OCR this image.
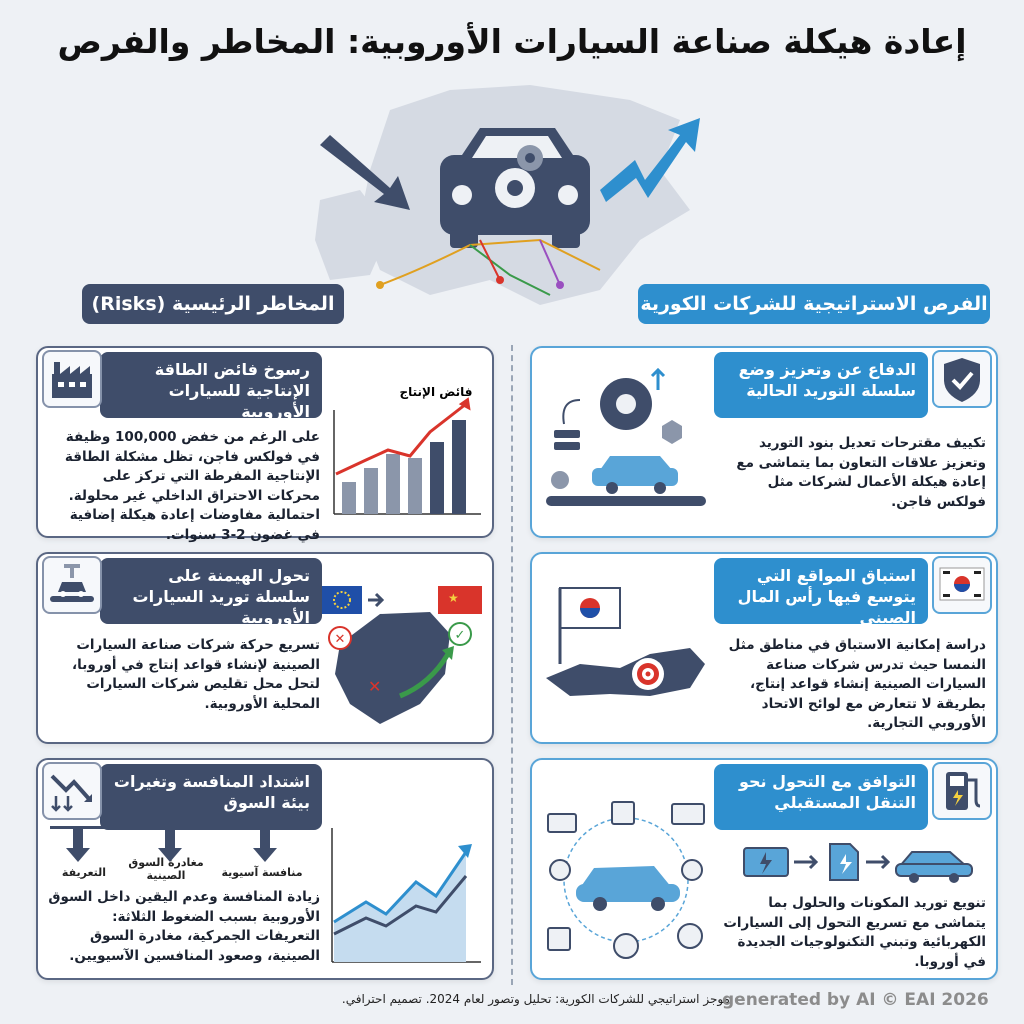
إعادة هيكلة صناعة السيارات الأوروبية: المخاطر والفرص
المخاطر الرئيسية (Risks)	الفرص الاستراتيجية للشركات الكورية
رسوخ فائض الطاقة الإنتاجية للسيارات الأوروبية
فائض الإنتاج
على الرغم من خفض 100,000 وظيفة في فولكس فاجن، تظل مشكلة الطاقة الإنتاجية المفرطة التي تركز على محركات الاحتراق الداخلي غير محلولة. احتمالية مفاوضات إعادة هيكلة إضافية في غضون 2-3 سنوات.
تحول الهيمنة على سلسلة توريد السيارات الأوروبية
★
✕	✓
✕
تسريع حركة شركات صناعة السيارات الصينية لإنشاء قواعد إنتاج في أوروبا، لتحل محل تقليص شركات السيارات المحلية الأوروبية.
اشتداد المنافسة وتغيرات بيئة السوق
التعريفة
مغادرة السوق الصينية	منافسة آسيوية
زيادة المنافسة وعدم اليقين داخل السوق الأوروبية بسبب الضغوط الثلاثة: التعريفات الجمركية، مغادرة السوق الصينية، وصعود المنافسين الآسيويين.
الدفاع عن وتعزيز وضع سلسلة التوريد الحالية
تكييف مقترحات تعديل بنود التوريد وتعزيز علاقات التعاون بما يتماشى مع إعادة هيكلة الأعمال لشركات مثل فولكس فاجن.
استباق المواقع التي يتوسع فيها رأس المال الصيني
دراسة إمكانية الاستباق في مناطق مثل النمسا حيث تدرس شركات صناعة السيارات الصينية إنشاء قواعد إنتاج، بطريقة لا تتعارض مع لوائح الاتحاد الأوروبي التجارية.
التوافق مع التحول نحو التنقل المستقبلي
تنويع توريد المكونات والحلول بما يتماشى مع تسريع التحول إلى السيارات الكهربائية وتبني التكنولوجيات الجديدة في أوروبا.
موجز استراتيجي للشركات الكورية: تحليل وتصور لعام 2024. تصميم احترافي.
generated by AI © EAI 2026
